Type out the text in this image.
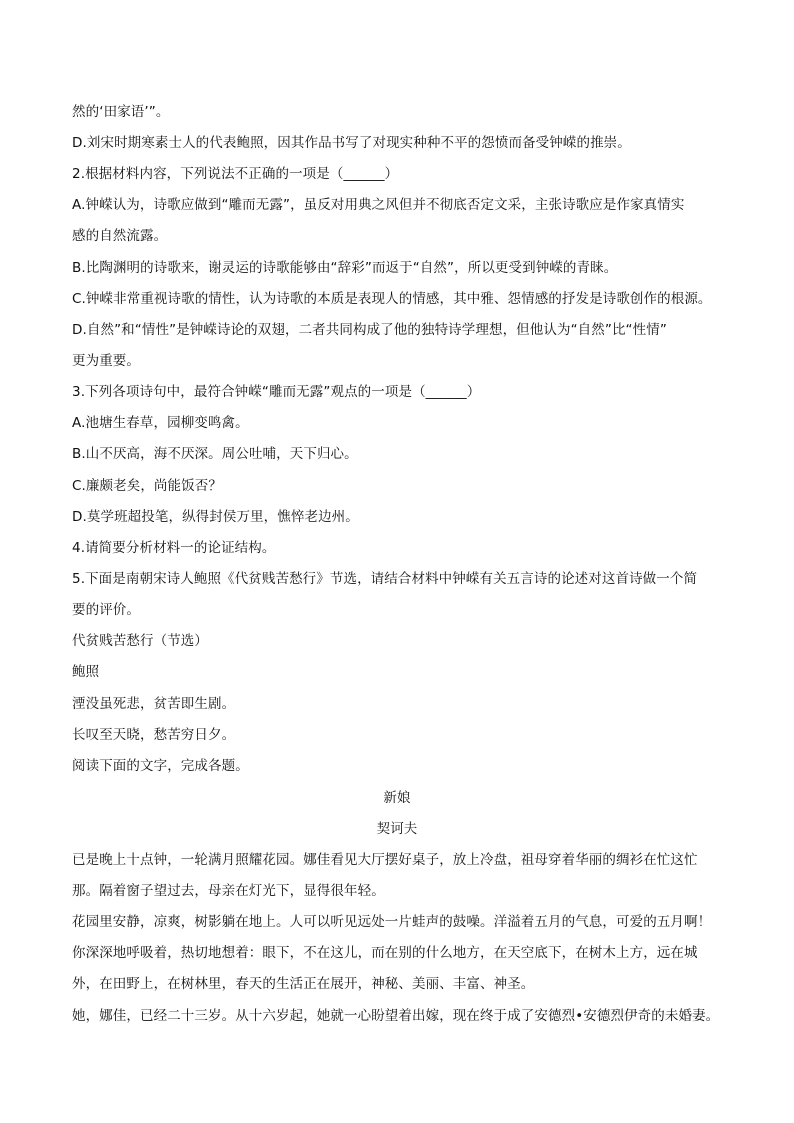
然的‘田家语’”。
D.刘宋时期寒素士人的代表鲍照，因其作品书写了对现实种种不平的怨愤而备受钟嵘的推崇。
2.根据材料内容，下列说法不正确的一项是（______）
A.钟嵘认为，诗歌应做到“雕而无露”，虽反对用典之风但并不彻底否定文采，主张诗歌应是作家真情实
感的自然流露。
B.比陶渊明的诗歌来，谢灵运的诗歌能够由“辞彩”而返于“自然”，所以更受到钟嵘的青睐。
C.钟嵘非常重视诗歌的情性，认为诗歌的本质是表现人的情感，其中雅、怨情感的抒发是诗歌创作的根源。
D.自然”和“情性”是钟嵘诗论的双翅，二者共同构成了他的独特诗学理想，但他认为“自然”比“性情”
更为重要。
3.下列各项诗句中，最符合钟嵘“雕而无露”观点的一项是（______）
A.池塘生春草，园柳变鸣禽。
B.山不厌高，海不厌深。周公吐哺，天下归心。
C.廉颇老矣，尚能饭否？
D.莫学班超投笔，纵得封侯万里，憔悴老边州。
4.请简要分析材料一的论证结构。
5.下面是南朝宋诗人鲍照《代贫贱苦愁行》节选，请结合材料中钟嵘有关五言诗的论述对这首诗做一个简
要的评价。
代贫贱苦愁行（节选）
鲍照
湮没虽死悲，贫苦即生剧。
长叹至天晓，愁苦穷日夕。
阅读下面的文字，完成各题。
新娘
契诃夫
已是晚上十点钟，一轮满月照耀花园。娜佳看见大厅摆好桌子，放上冷盘，祖母穿着华丽的绸衫在忙这忙
那。隔着窗子望过去，母亲在灯光下，显得很年轻。
花园里安静，凉爽，树影躺在地上。人可以听见远处一片蛙声的鼓噪。洋溢着五月的气息，可爱的五月啊！
你深深地呼吸着，热切地想着：眼下，不在这儿，而在别的什么地方，在天空底下，在树木上方，远在城
外，在田野上，在树林里，春天的生活正在展开，神秘、美丽、丰富、神圣。
她，娜佳，已经二十三岁。从十六岁起，她就一心盼望着出嫁，现在终于成了安德烈•安德烈伊奇的未婚妻。
